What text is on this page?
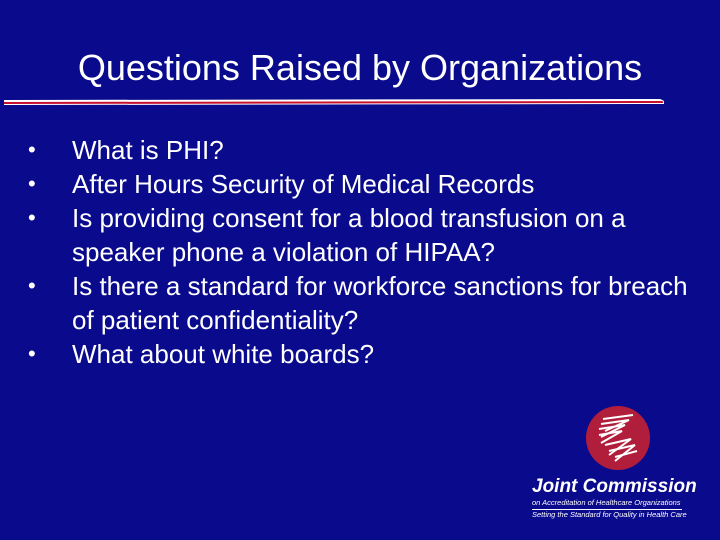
Questions Raised by Organizations
•	What is PHI?
•	After Hours Security of Medical Records
•	Is providing consent for a blood transfusion on a speaker phone a violation of HIPAA?
•	Is there a standard for workforce sanctions for breach of patient confidentiality?
•	What about white boards?
Joint Commission
on Accreditation of Healthcare Organizations
Setting the Standard for Quality in Health Care
